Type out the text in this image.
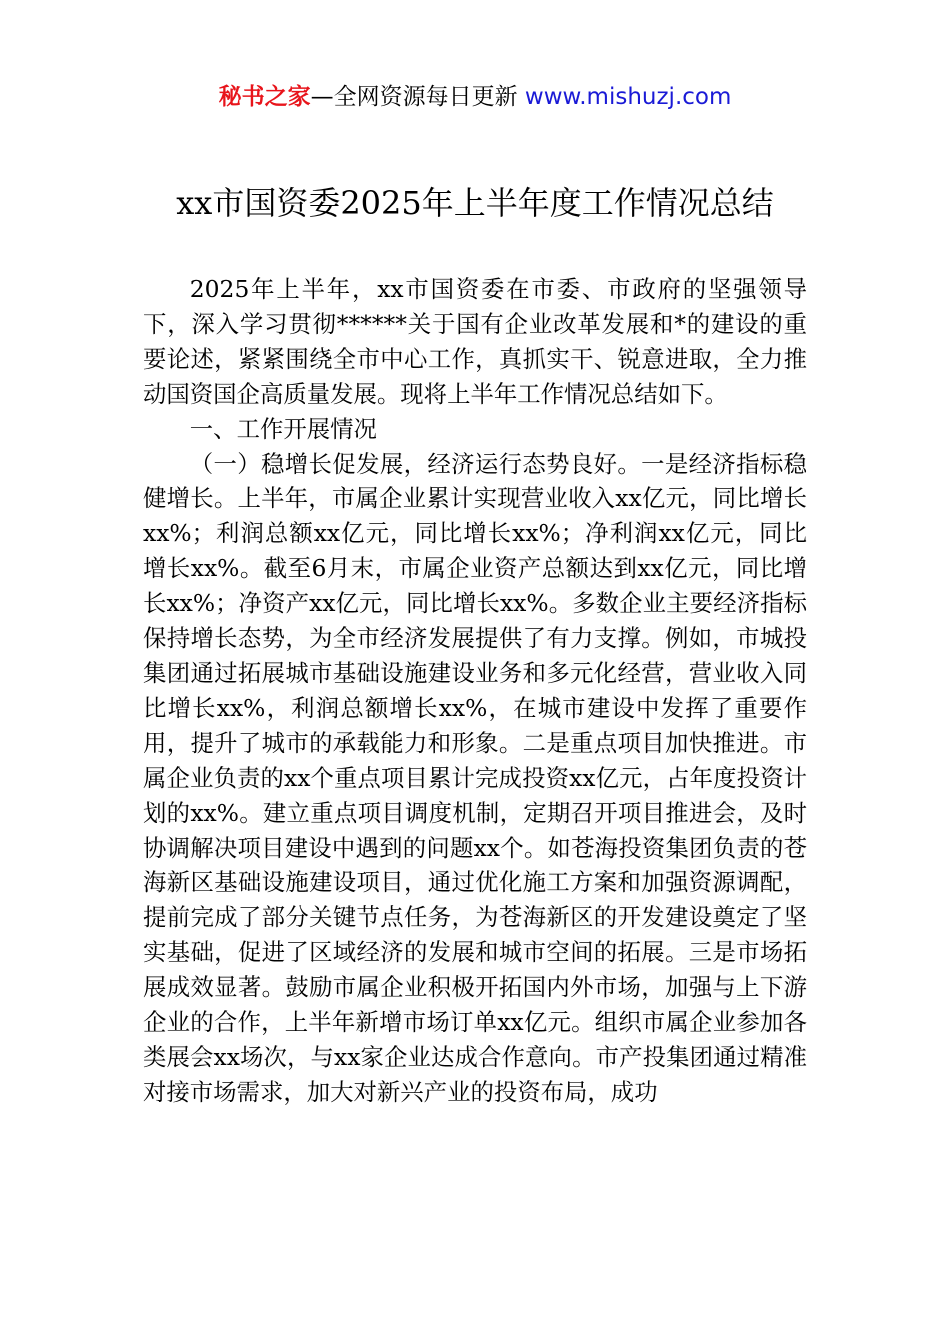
秘书之家—全网资源每日更新 www.mishuzj.com
xx市国资委2025年上半年度工作情况总结

2025年上半年，xx市国资委在市委、市政府的坚强领导下，深入学习贯彻******关于国有企业改革发展和*的建设的重要论述，紧紧围绕全市中心工作，真抓实干、锐意进取，全力推动国资国企高质量发展。现将上半年工作情况总结如下。

一、工作开展情况

（一）稳增长促发展，经济运行态势良好。一是经济指标稳健增长。上半年，市属企业累计实现营业收入xx亿元，同比增长xx%；利润总额xx亿元，同比增长xx%；净利润xx亿元，同比增长xx%。截至6月末，市属企业资产总额达到xx亿元，同比增长xx%；净资产xx亿元，同比增长xx%。多数企业主要经济指标保持增长态势，为全市经济发展提供了有力支撑。例如，市城投集团通过拓展城市基础设施建设业务和多元化经营，营业收入同比增长xx%，利润总额增长xx%，在城市建设中发挥了重要作用，提升了城市的承载能力和形象。二是重点项目加快推进。市属企业负责的xx个重点项目累计完成投资xx亿元，占年度投资计划的xx%。建立重点项目调度机制，定期召开项目推进会，及时协调解决项目建设中遇到的问题xx个。如苍海投资集团负责的苍海新区基础设施建设项目，通过优化施工方案和加强资源调配，提前完成了部分关键节点任务，为苍海新区的开发建设奠定了坚实基础，促进了区域经济的发展和城市空间的拓展。三是市场拓展成效显著。鼓励市属企业积极开拓国内外市场，加强与上下游企业的合作，上半年新增市场订单xx亿元。组织市属企业参加各类展会xx场次，与xx家企业达成合作意向。市产投集团通过精准对接市场需求，加大对新兴产业的投资布局，成功
